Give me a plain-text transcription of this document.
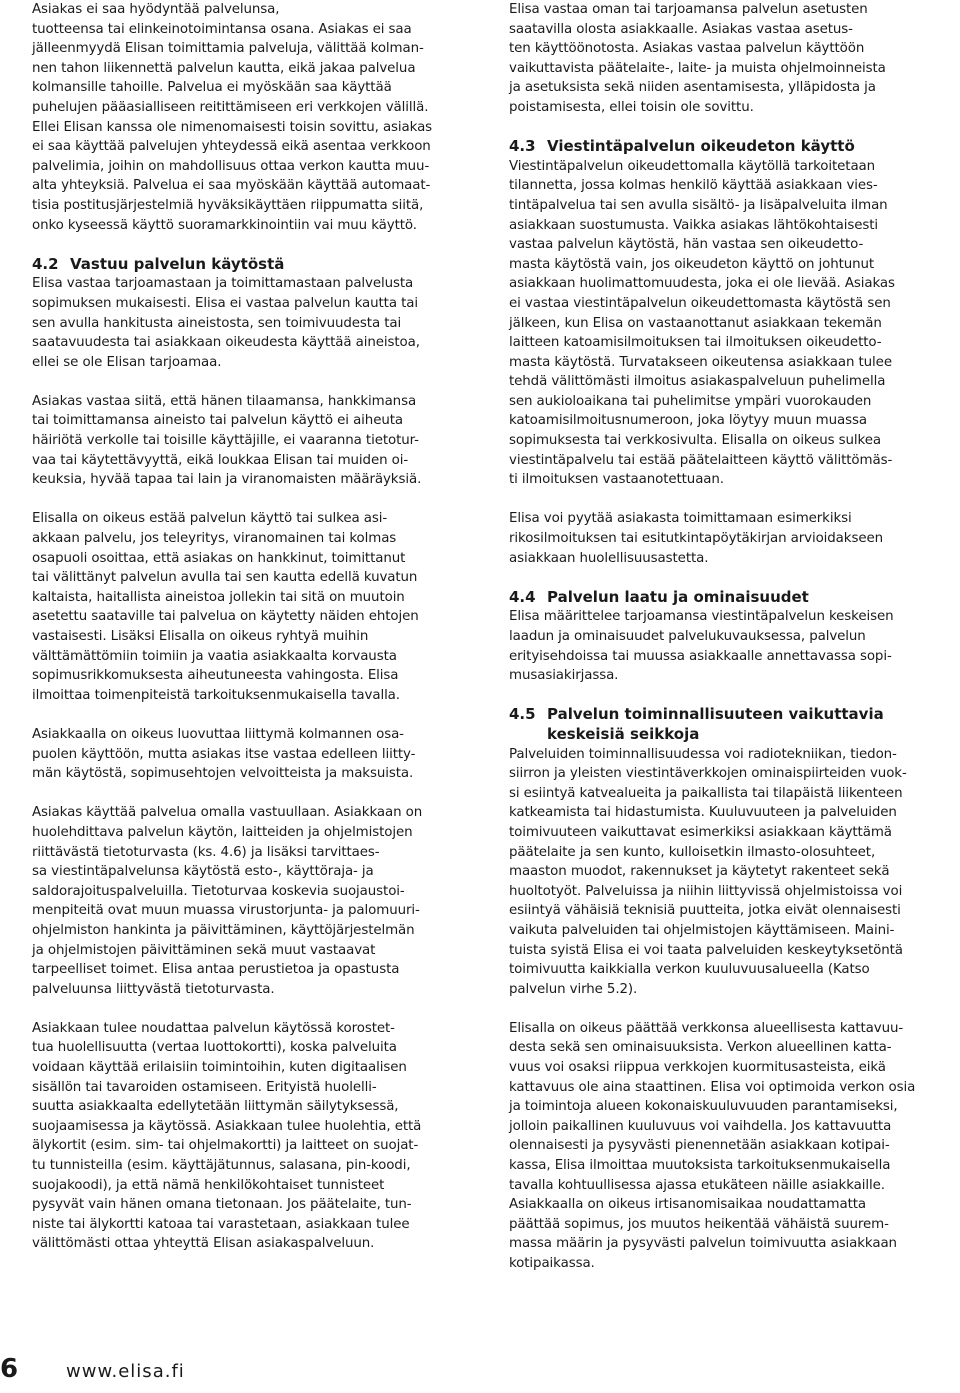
Asiakas ei saa hyödyntää palvelunsa,
tuotteensa tai elinkeinotoimintansa osana. Asiakas ei saa
jälleenmyydä Elisan toimittamia palveluja, välittää kolman-
nen tahon liikennettä palvelun kautta, eikä jakaa palvelua
kolmansille tahoille. Palvelua ei myöskään saa käyttää
puhelujen pääasialliseen reitittämiseen eri verkkojen välillä.
Ellei Elisan kanssa ole nimenomaisesti toisin sovittu, asiakas
ei saa käyttää palvelujen yhteydessä eikä asentaa verkkoon
palvelimia, joihin on mahdollisuus ottaa verkon kautta muu-
alta yhteyksiä. Palvelua ei saa myöskään käyttää automaat-
tisia postitusjärjestelmiä hyväksikäyttäen riippumatta siitä,
onko kyseessä käyttö suoramarkkinointiin vai muu käyttö.

4.2 Vastuu palvelun käytöstä

Elisa vastaa tarjoamastaan ja toimittamastaan palvelusta
sopimuksen mukaisesti. Elisa ei vastaa palvelun kautta tai
sen avulla hankitusta aineistosta, sen toimivuudesta tai
saatavuudesta tai asiakkaan oikeudesta käyttää aineistoa,
ellei se ole Elisan tarjoamaa.

Asiakas vastaa siitä, että hänen tilaamansa, hankkimansa
tai toimittamansa aineisto tai palvelun käyttö ei aiheuta
häiriötä verkolle tai toisille käyttäjille, ei vaaranna tietotur-
vaa tai käytettävyyttä, eikä loukkaa Elisan tai muiden oi-
keuksia, hyvää tapaa tai lain ja viranomaisten määräyksiä.

Elisalla on oikeus estää palvelun käyttö tai sulkea asi-
akkaan palvelu, jos teleyritys, viranomainen tai kolmas
osapuoli osoittaa, että asiakas on hankkinut, toimittanut
tai välittänyt palvelun avulla tai sen kautta edellä kuvatun
kaltaista, haitallista aineistoa jollekin tai sitä on muutoin
asetettu saataville tai palvelua on käytetty näiden ehtojen
vastaisesti. Lisäksi Elisalla on oikeus ryhtyä muihin
välttämättömiin toimiin ja vaatia asiakkaalta korvausta
sopimusrikkomuksesta aiheutuneesta vahingosta. Elisa
ilmoittaa toimenpiteistä tarkoituksenmukaisella tavalla.

Asiakkaalla on oikeus luovuttaa liittymä kolmannen osa-
puolen käyttöön, mutta asiakas itse vastaa edelleen liitty-
män käytöstä, sopimusehtojen velvoitteista ja maksuista.

Asiakas käyttää palvelua omalla vastuullaan. Asiakkaan on
huolehdittava palvelun käytön, laitteiden ja ohjelmistojen
riittävästä tietoturvasta (ks. 4.6) ja lisäksi tarvittaes-
sa viestintäpalvelunsa käytöstä esto-, käyttöraja- ja
saldorajoituspalveluilla. Tietoturvaa koskevia suojaustoi-
menpiteitä ovat muun muassa virustorjunta- ja palomuuri-
ohjelmiston hankinta ja päivittäminen, käyttöjärjestelmän
ja ohjelmistojen päivittäminen sekä muut vastaavat
tarpeelliset toimet. Elisa antaa perustietoa ja opastusta
palveluunsa liittyvästä tietoturvasta.

Asiakkaan tulee noudattaa palvelun käytössä korostet-
tua huolellisuutta (vertaa luottokortti), koska palveluita
voidaan käyttää erilaisiin toimintoihin, kuten digitaalisen
sisällön tai tavaroiden ostamiseen. Erityistä huolelli-
suutta asiakkaalta edellytetään liittymän säilytyksessä,
suojaamisessa ja käytössä. Asiakkaan tulee huolehtia, että
älykortit (esim. sim- tai ohjelmakortti) ja laitteet on suojat-
tu tunnisteilla (esim. käyttäjätunnus, salasana, pin-koodi,
suojakoodi), ja että nämä henkilökohtaiset tunnisteet
pysyvät vain hänen omana tietonaan. Jos päätelaite, tun-
niste tai älykortti katoaa tai varastetaan, asiakkaan tulee
välittömästi ottaa yhteyttä Elisan asiakaspalveluun.

Elisa vastaa oman tai tarjoamansa palvelun asetusten
saatavilla olosta asiakkaalle. Asiakas vastaa asetus-
ten käyttöönotosta. Asiakas vastaa palvelun käyttöön
vaikuttavista päätelaite-, laite- ja muista ohjelmoinneista
ja asetuksista sekä niiden asentamisesta, ylläpidosta ja
poistamisesta, ellei toisin ole sovittu.

4.3 Viestintäpalvelun oikeudeton käyttö

Viestintäpalvelun oikeudettomalla käytöllä tarkoitetaan
tilannetta, jossa kolmas henkilö käyttää asiakkaan vies-
tintäpalvelua tai sen avulla sisältö- ja lisäpalveluita ilman
asiakkaan suostumusta. Vaikka asiakas lähtökohtaisesti
vastaa palvelun käytöstä, hän vastaa sen oikeudetto-
masta käytöstä vain, jos oikeudeton käyttö on johtunut
asiakkaan huolimattomuudesta, joka ei ole lievää. Asiakas
ei vastaa viestintäpalvelun oikeudettomasta käytöstä sen
jälkeen, kun Elisa on vastaanottanut asiakkaan tekemän
laitteen katoamisilmoituksen tai ilmoituksen oikeudetto-
masta käytöstä. Turvatakseen oikeutensa asiakkaan tulee
tehdä välittömästi ilmoitus asiakaspalveluun puhelimella
sen aukioloaikana tai puhelimitse ympäri vuorokauden
katoamisilmoitusnumeroon, joka löytyy muun muassa
sopimuksesta tai verkkosivulta. Elisalla on oikeus sulkea
viestintäpalvelu tai estää päätelaitteen käyttö välittömäs-
ti ilmoituksen vastaanotettuaan.

Elisa voi pyytää asiakasta toimittamaan esimerkiksi
rikosilmoituksen tai esitutkintapöytäkirjan arvioidakseen
asiakkaan huolellisuusastetta.

4.4 Palvelun laatu ja ominaisuudet

Elisa määrittelee tarjoamansa viestintäpalvelun keskeisen
laadun ja ominaisuudet palvelukuvauksessa, palvelun
erityisehdoissa tai muussa asiakkaalle annettavassa sopi-
musasiakirjassa.

4.5 Palvelun toiminnallisuuteen vaikuttavia
keskeisiä seikkoja

Palveluiden toiminnallisuudessa voi radiotekniikan, tiedon-
siirron ja yleisten viestintäverkkojen ominaispiirteiden vuok-
si esiintyä katvealueita ja paikallista tai tilapäistä liikenteen
katkeamista tai hidastumista. Kuuluvuuteen ja palveluiden
toimivuuteen vaikuttavat esimerkiksi asiakkaan käyttämä
päätelaite ja sen kunto, kulloisetkin ilmasto-olosuhteet,
maaston muodot, rakennukset ja käytetyt rakenteet sekä
huoltotyöt. Palveluissa ja niihin liittyvissä ohjelmistoissa voi
esiintyä vähäisiä teknisiä puutteita, jotka eivät olennaisesti
vaikuta palveluiden tai ohjelmistojen käyttämiseen. Maini-
tuista syistä Elisa ei voi taata palveluiden keskeytyksetöntä
toimivuutta kaikkialla verkon kuuluvuusalueella (Katso
palvelun virhe 5.2).

Elisalla on oikeus päättää verkkonsa alueellisesta kattavuu-
desta sekä sen ominaisuuksista. Verkon alueellinen katta-
vuus voi osaksi riippua verkkojen kuormitusasteista, eikä
kattavuus ole aina staattinen. Elisa voi optimoida verkon osia
ja toimintoja alueen kokonaiskuuluvuuden parantamiseksi,
jolloin paikallinen kuuluvuus voi vaihdella. Jos kattavuutta
olennaisesti ja pysyvästi pienennetään asiakkaan kotipai-
kassa, Elisa ilmoittaa muutoksista tarkoituksenmukaisella
tavalla kohtuullisessa ajassa etukäteen näille asiakkaille.
Asiakkaalla on oikeus irtisanomisaikaa noudattamatta
päättää sopimus, jos muutos heikentää vähäistä suurem-
massa määrin ja pysyvästi palvelun toimivuutta asiakkaan
kotipaikassa.

6	www.elisa.fi
